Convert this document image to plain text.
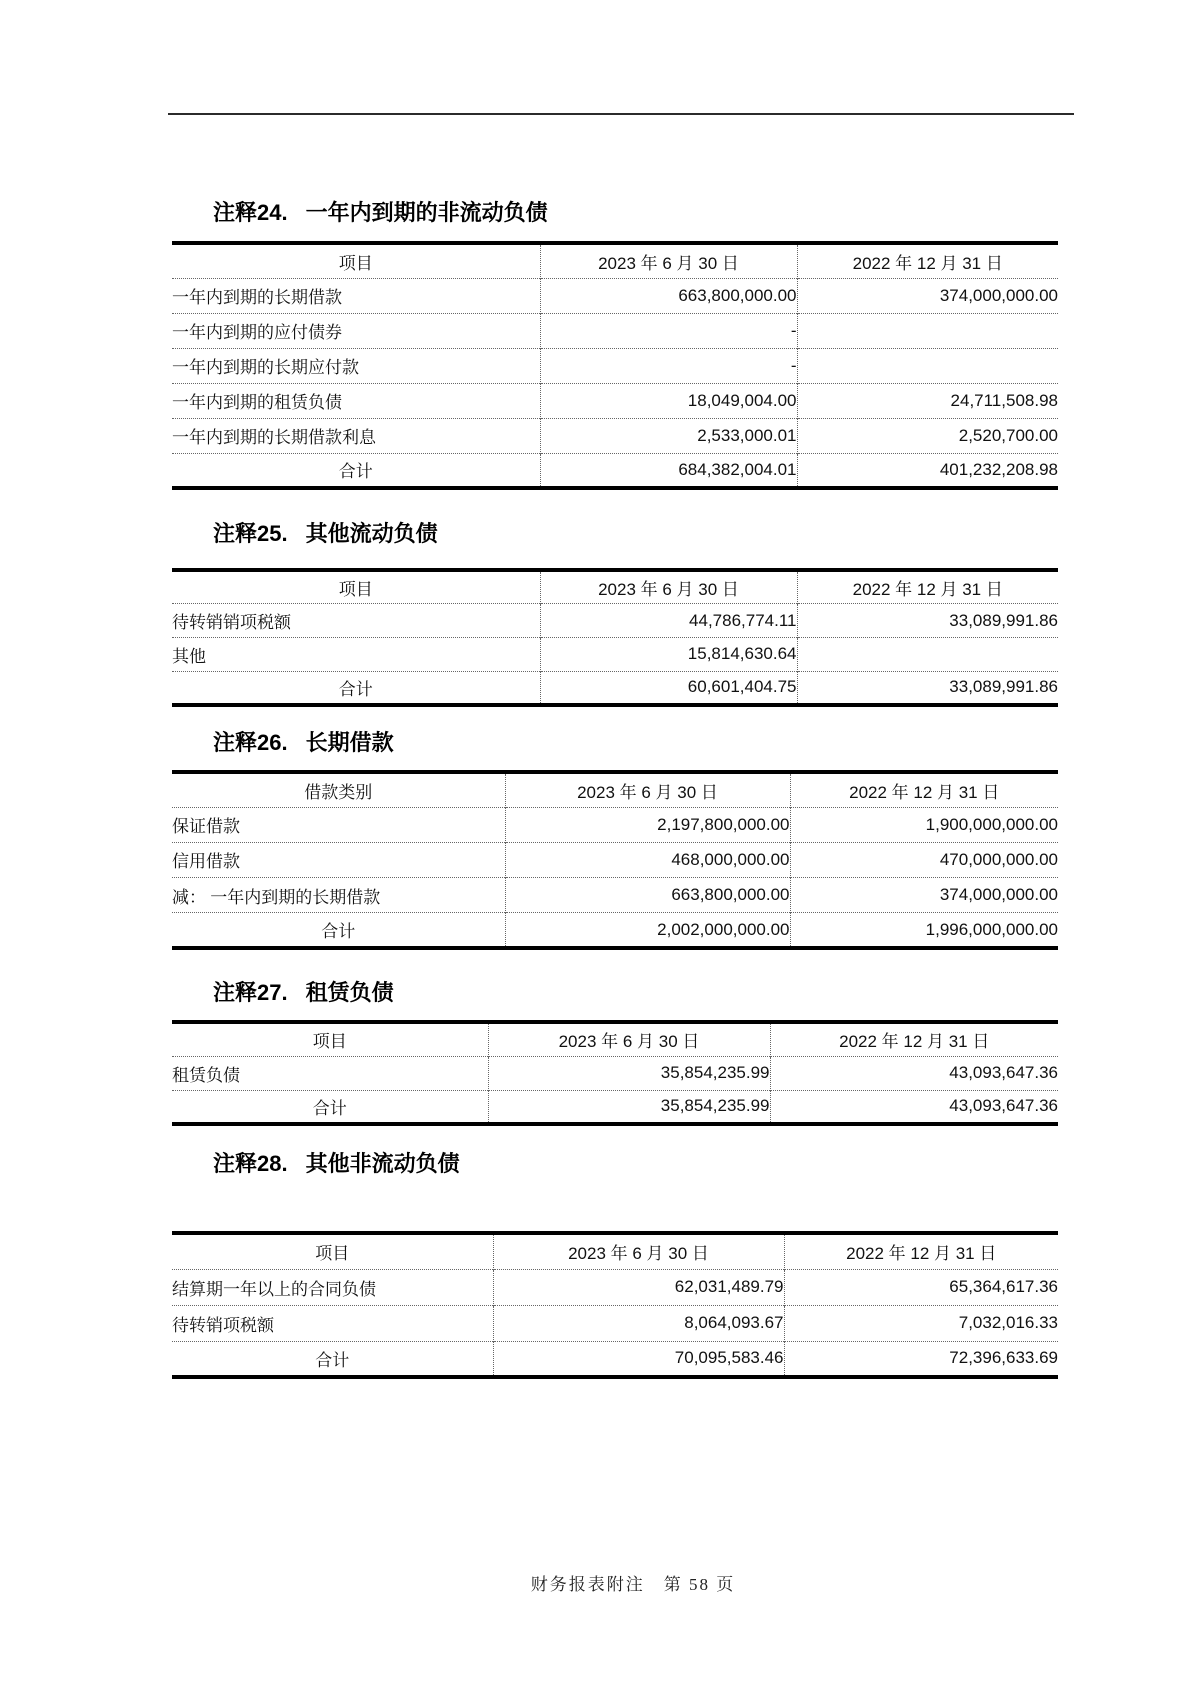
注释24. 一年内到期的非流动负债
项目	2023 年 6 月 30 日	2022 年 12 月 31 日
一年内到期的长期借款	663,800,000.00	374,000,000.00
一年内到期的应付债券	-	
一年内到期的长期应付款	-	
一年内到期的租赁负债	18,049,004.00	24,711,508.98
一年内到期的长期借款利息	2,533,000.01	2,520,700.00
合计	684,382,004.01	401,232,208.98
注释25. 其他流动负债
项目	2023 年 6 月 30 日	2022 年 12 月 31 日
待转销销项税额	44,786,774.11	33,089,991.86
其他	15,814,630.64	
合计	60,601,404.75	33,089,991.86
注释26. 长期借款
借款类别	2023 年 6 月 30 日	2022 年 12 月 31 日
保证借款	2,197,800,000.00	1,900,000,000.00
信用借款	468,000,000.00	470,000,000.00
减： 一年内到期的长期借款	663,800,000.00	374,000,000.00
合计	2,002,000,000.00	1,996,000,000.00
注释27. 租赁负债
项目	2023 年 6 月 30 日	2022 年 12 月 31 日
租赁负债	35,854,235.99	43,093,647.36
合计	35,854,235.99	43,093,647.36
注释28. 其他非流动负债
项目	2023 年 6 月 30 日	2022 年 12 月 31 日
结算期一年以上的合同负债	62,031,489.79	65,364,617.36
待转销项税额	8,064,093.67	7,032,016.33
合计	70,095,583.46	72,396,633.69
财务报表附注　第 58 页
